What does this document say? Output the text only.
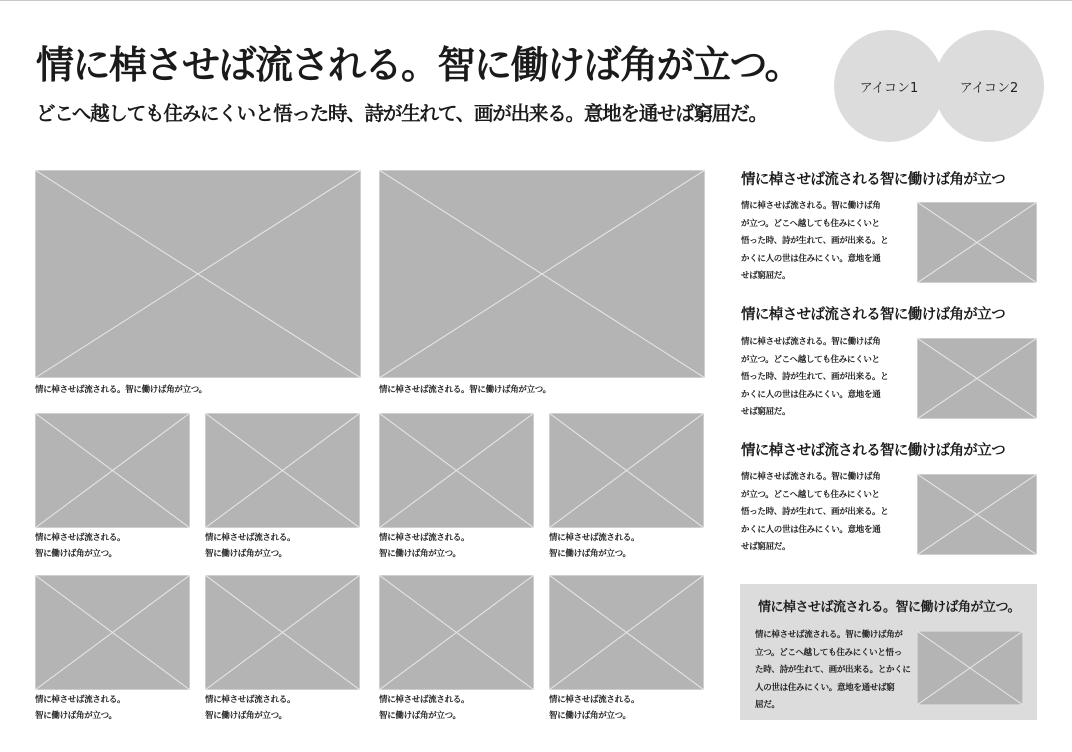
情に棹させば流される。智に働けば角が立つ。

どこへ越しても住みにくいと悟った時、詩が生れて、画が出来る。意地を通せば窮屈だ。

アイコン1	アイコン2
情に棹させば流される。智に働けば角が立つ。	情に棹させば流される。智に働けば角が立つ。
情に棹させば流される。
智に働けば角が立つ。
情に棹させば流される。
智に働けば角が立つ。
情に棹させば流される。
智に働けば角が立つ。
情に棹させば流される。
智に働けば角が立つ。
情に棹させば流される。
智に働けば角が立つ。
情に棹させば流される。
智に働けば角が立つ。
情に棹させば流される。
智に働けば角が立つ。
情に棹させば流される。
智に働けば角が立つ。
情に棹させば流される智に働けば角が立つ
情に棹させば流される。智に働けば角
が立つ。どこへ越しても住みにくいと
悟った時、詩が生れて、画が出来る。と
かくに人の世は住みにくい。意地を通
せば窮屈だ。
情に棹させば流される智に働けば角が立つ
情に棹させば流される。智に働けば角
が立つ。どこへ越しても住みにくいと
悟った時、詩が生れて、画が出来る。と
かくに人の世は住みにくい。意地を通
せば窮屈だ。
情に棹させば流される智に働けば角が立つ
情に棹させば流される。智に働けば角
が立つ。どこへ越しても住みにくいと
悟った時、詩が生れて、画が出来る。と
かくに人の世は住みにくい。意地を通
せば窮屈だ。
情に棹させば流される。智に働けば角が立つ。
情に棹させば流される。智に働けば角が
立つ。どこへ越しても住みにくいと悟っ
た時、詩が生れて、画が出来る。とかくに
人の世は住みにくい。意地を通せば窮
屈だ。
